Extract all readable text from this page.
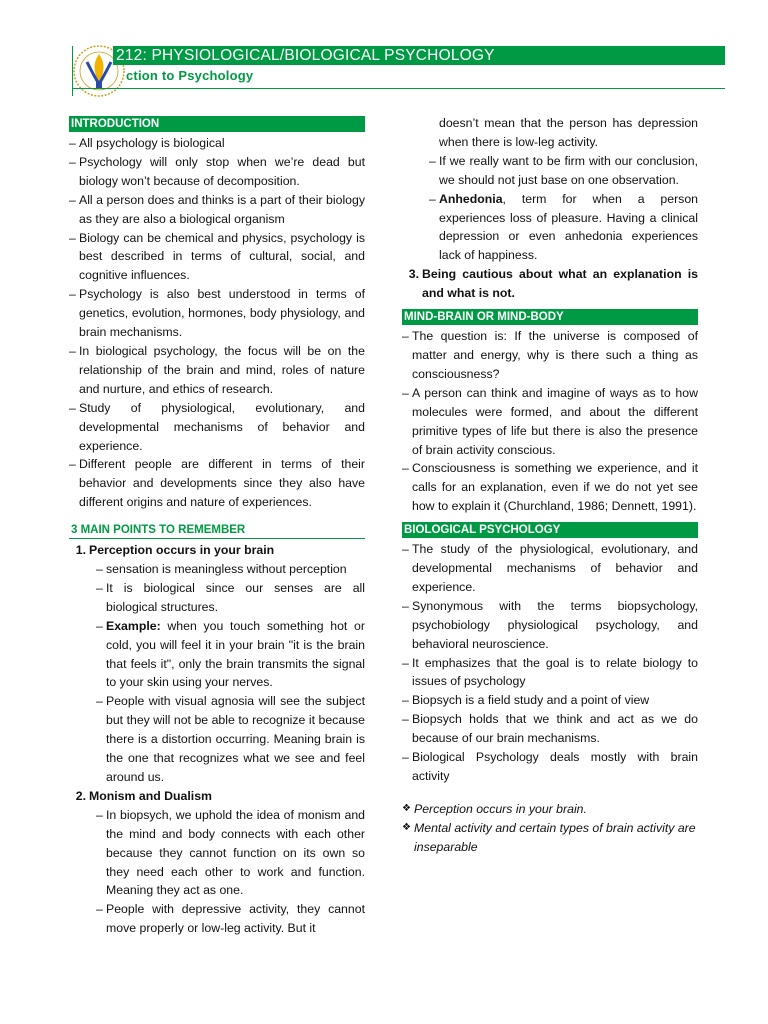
212: PHYSIOLOGICAL/BIOLOGICAL PSYCHOLOGY
ction to Psychology
INTRODUCTION
– All psychology is biological
– Psychology will only stop when we’re dead but biology won’t because of decomposition.
– All a person does and thinks is a part of their biology as they are also a biological organism
– Biology can be chemical and physics, psychology is best described in terms of cultural, social, and cognitive influences.
– Psychology is also best understood in terms of genetics, evolution, hormones, body physiology, and brain mechanisms.
– In biological psychology, the focus will be on the relationship of the brain and mind, roles of nature and nurture, and ethics of research.
– Study of physiological, evolutionary, and developmental mechanisms of behavior and experience.
– Different people are different in terms of their behavior and developments since they also have different origins and nature of experiences.
3 MAIN POINTS TO REMEMBER
1. Perception occurs in your brain
– sensation is meaningless without perception
– It is biological since our senses are all biological structures.
– Example: when you touch something hot or cold, you will feel it in your brain "it is the brain that feels it", only the brain transmits the signal to your skin using your nerves.
– People with visual agnosia will see the subject but they will not be able to recognize it because there is a distortion occurring. Meaning brain is the one that recognizes what we see and feel around us.
2. Monism and Dualism
– In biopsych, we uphold the idea of monism and the mind and body connects with each other because they cannot function on its own so they need each other to work and function. Meaning they act as one.
– People with depressive activity, they cannot move properly or low-leg activity. But it
doesn’t mean that the person has depression when there is low-leg activity.
– If we really want to be firm with our conclusion, we should not just base on one observation.
– Anhedonia, term for when a person experiences loss of pleasure. Having a clinical depression or even anhedonia experiences lack of happiness.
3. Being cautious about what an explanation is and what is not.
MIND-BRAIN OR MIND-BODY
– The question is: If the universe is composed of matter and energy, why is there such a thing as consciousness?
– A person can think and imagine of ways as to how molecules were formed, and about the different primitive types of life but there is also the presence of brain activity conscious.
– Consciousness is something we experience, and it calls for an explanation, even if we do not yet see how to explain it (Churchland, 1986; Dennett, 1991).
BIOLOGICAL PSYCHOLOGY
– The study of the physiological, evolutionary, and developmental mechanisms of behavior and experience.
– Synonymous with the terms biopsychology, psychobiology physiological psychology, and behavioral neuroscience.
– It emphasizes that the goal is to relate biology to issues of psychology
– Biopsych is a field study and a point of view
– Biopsych holds that we think and act as we do because of our brain mechanisms.
– Biological Psychology deals mostly with brain activity
❖ Perception occurs in your brain.
❖ Mental activity and certain types of brain activity are inseparable
